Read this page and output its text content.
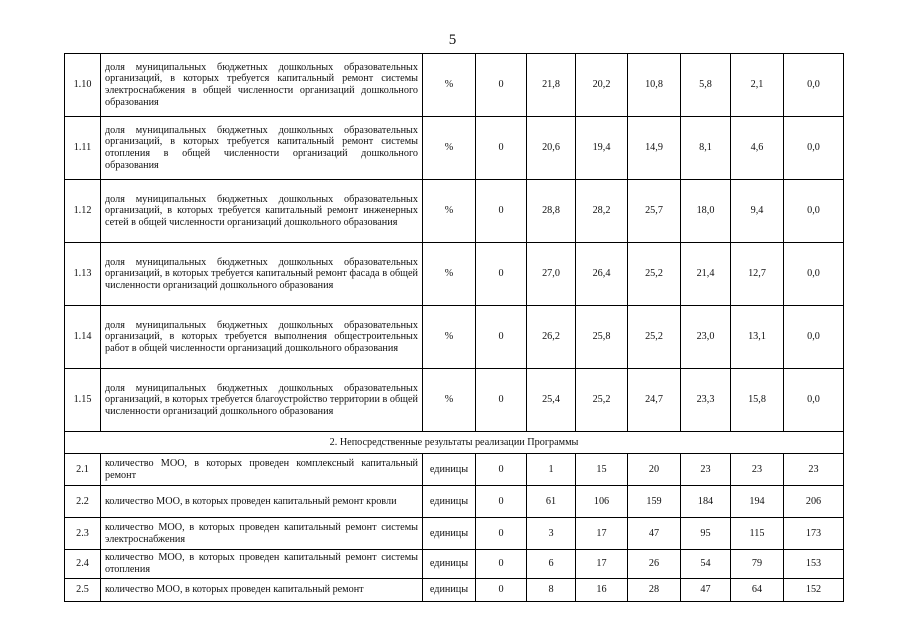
5
1.10	доля муниципальных бюджетных дошкольных образовательных организаций, в которых требуется капитальный ремонт системы электроснабжения в общей численности организаций дошкольного образования	%	0	21,8	20,2	10,8	5,8	2,1	0,0
1.11	доля муниципальных бюджетных дошкольных образовательных организаций, в которых требуется капитальный ремонт системы отопления в общей численности организаций дошкольного образования	%	0	20,6	19,4	14,9	8,1	4,6	0,0
1.12	доля муниципальных бюджетных дошкольных образовательных организаций, в которых требуется капитальный ремонт инженерных сетей в общей численности организаций дошкольного образования	%	0	28,8	28,2	25,7	18,0	9,4	0,0
1.13	доля муниципальных бюджетных дошкольных образовательных организаций, в которых требуется капитальный ремонт фасада в общей численности организаций дошкольного образования	%	0	27,0	26,4	25,2	21,4	12,7	0,0
1.14	доля муниципальных бюджетных дошкольных образовательных организаций, в которых требуется выполнения общестроительных работ в общей численности организаций дошкольного образования	%	0	26,2	25,8	25,2	23,0	13,1	0,0
1.15	доля муниципальных бюджетных дошкольных образовательных организаций, в которых требуется благоустройство территории в общей численности организаций дошкольного образования	%	0	25,4	25,2	24,7	23,3	15,8	0,0
2. Непосредственные результаты реализации Программы									
2.1	количество МОО, в которых проведен комплексный капитальный ремонт	единицы	0	1	15	20	23	23	23
2.2	количество МОО, в которых проведен капитальный ремонт кровли	единицы	0	61	106	159	184	194	206
2.3	количество МОО, в которых проведен капитальный ремонт системы электроснабжения	единицы	0	3	17	47	95	115	173
2.4	количество МОО, в которых проведен капитальный ремонт системы отопления	единицы	0	6	17	26	54	79	153
2.5	количество МОО, в которых проведен капитальный ремонт	единицы	0	8	16	28	47	64	152
